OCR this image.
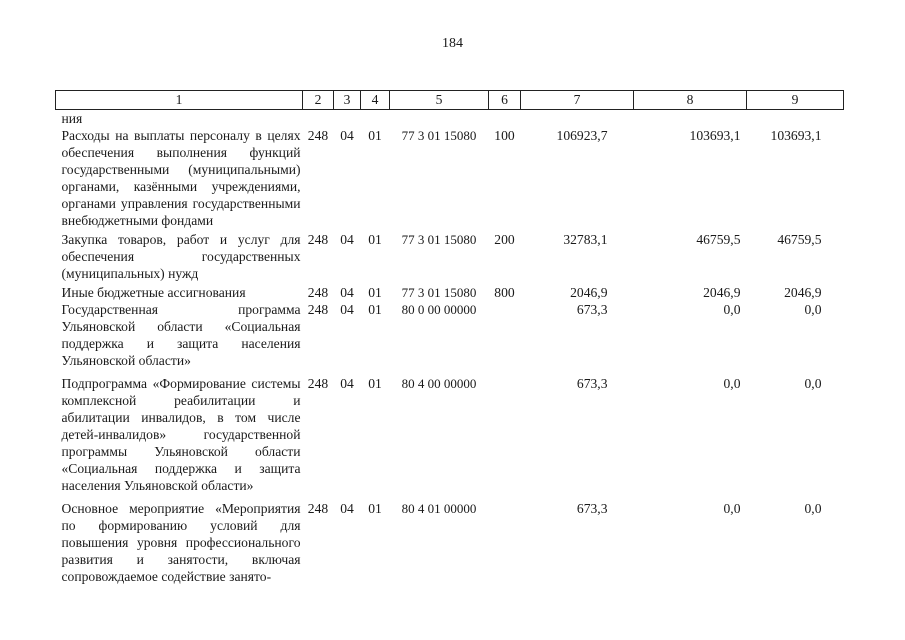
184
1	2	3	4	5	6	7	8	9
ния								
Расходы на выплаты персоналу в целях обеспечения выполнения функций государственными (муниципальными) органами, казёнными учреждениями, органами управления государственными внебюджетными фондами	248	04	01	77 3 01 15080	100	106923,7	103693,1	103693,1
Закупка товаров, работ и услуг для обеспечения государственных (муниципальных) нужд	248	04	01	77 3 01 15080	200	32783,1	46759,5	46759,5
Иные бюджетные ассигнования	248	04	01	77 3 01 15080	800	2046,9	2046,9	2046,9
Государственная программа Ульяновской области «Социальная поддержка и защита населения Ульяновской области»	248	04	01	80 0 00 00000		673,3	0,0	0,0
Подпрограмма «Формирование системы комплексной реабилитации и абилитации инвалидов, в том числе детей-инвалидов» государственной программы Ульяновской области «Социальная поддержка и защита населения Ульяновской области»	248	04	01	80 4 00 00000		673,3	0,0	0,0
Основное мероприятие «Мероприятия по формированию условий для повышения уровня профессионального развития и занятости, включая сопровождаемое содействие занято-	248	04	01	80 4 01 00000		673,3	0,0	0,0
